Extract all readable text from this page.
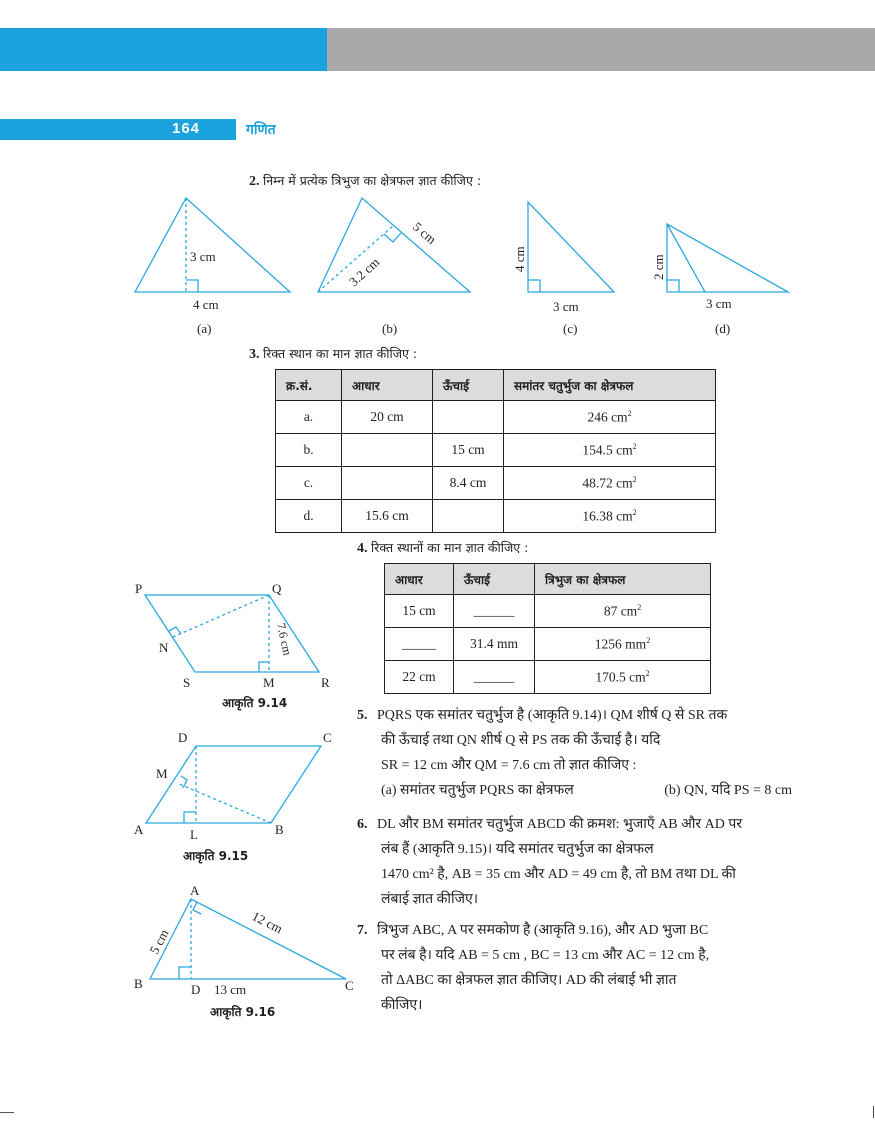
164	गणित
2. निम्न में प्रत्येक त्रिभुज का क्षेत्रफल ज्ञात कीजिए :
3 cm
4 cm
(a)
5 cm
3.2 cm
(b)
4 cm
3 cm
(c)
2 cm
3 cm
(d)
3. रिक्त स्थान का मान ज्ञात कीजिए :
क्र.सं.	आधार	ऊँचाई	समांतर चतुर्भुज का क्षेत्रफल
a.	20 cm		246 $cm^2$
b.		15 cm	154.5 $cm^2$
c.		8.4 cm	48.72 $cm^2$
d.	15.6 cm		16.38 $cm^2$
4. रिक्त स्थानों का मान ज्ञात कीजिए :
आधार	ऊँचाई	त्रिभुज का क्षेत्रफल
15 cm	______	87 $cm^2$
_____	31.4 mm	1256 $mm^2$
22 cm	______	170.5 $cm^2$
P	Q
N
S	M	R
7.6 cm
आकृति 9.14
D	C
M
A	L	B
आकृति 9.15
A
B	D	C
5 cm
12 cm
13 cm
आकृति 9.16
5. PQRS एक समांतर चतुर्भुज है (आकृति 9.14)। QM शीर्ष Q से SR तक
की ऊँचाई तथा QN शीर्ष Q से PS तक की ऊँचाई है। यदि
SR = 12 cm और QM = 7.6 cm तो ज्ञात कीजिए :
(a) समांतर चतुर्भुज PQRS का क्षेत्रफल	(b) QN, यदि PS = 8 cm
6. DL और BM समांतर चतुर्भुज ABCD की क्रमश: भुजाएँ AB और AD पर
लंब हैं (आकृति 9.15)। यदि समांतर चतुर्भुज का क्षेत्रफल
1470 cm² है, AB = 35 cm और AD = 49 cm है, तो BM तथा DL की
लंबाई ज्ञात कीजिए।
7. त्रिभुज ABC, A पर समकोण है (आकृति 9.16), और AD भुजा BC
पर लंब है। यदि AB = 5 cm , BC = 13 cm और AC = 12 cm है,
तो ΔABC का क्षेत्रफल ज्ञात कीजिए। AD की लंबाई भी ज्ञात
कीजिए।
